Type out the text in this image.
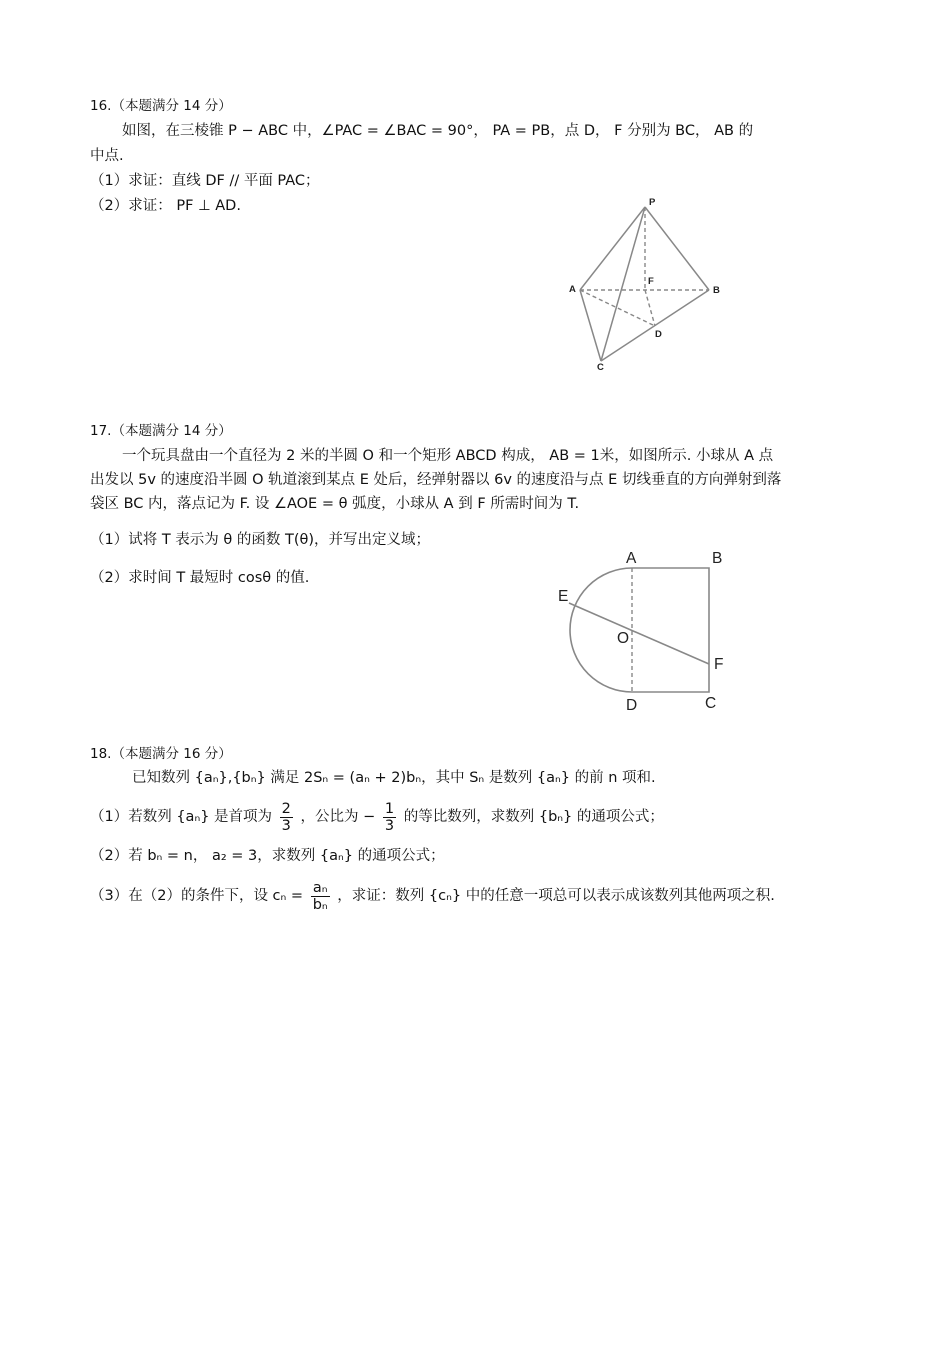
16.（本题满分 14 分）
如图，在三棱锥 P − ABC 中，∠PAC = ∠BAC = 90°， PA = PB，点 D， F 分别为 BC， AB 的
中点.
（1）求证：直线 DF // 平面 PAC；
（2）求证： PF ⊥ AD.	P
A	B
F
D
C
17.（本题满分 14 分）
一个玩具盘由一个直径为 2 米的半圆 O 和一个矩形 ABCD 构成， AB = 1米，如图所示. 小球从 A 点
出发以 5v 的速度沿半圆 O 轨道滚到某点 E 处后，经弹射器以 6v 的速度沿与点 E 切线垂直的方向弹射到落
袋区 BC 内，落点记为 F. 设 ∠AOE = θ 弧度，小球从 A 到 F 所需时间为 T.
（1）试将 T 表示为 θ 的函数 T(θ)，并写出定义域；
（2）求时间 T 最短时 cosθ 的值.
A	B
E
O
F
D	C
18.（本题满分 16 分）
已知数列 {aₙ},{bₙ} 满足 2Sₙ = (aₙ + 2)bₙ，其中 Sₙ 是数列 {aₙ} 的前 n 项和.
（1）若数列 {aₙ} 是首项为 $\frac{2}{3}$ ，公比为 − $\frac{1}{3}$ 的等比数列，求数列 {bₙ} 的通项公式；
（2）若 bₙ = n， a₂ = 3，求数列 {aₙ} 的通项公式；
（3）在（2）的条件下，设 $c_n = \frac{\text{aₙ}}{\text{bₙ}}$ ，求证：数列 {cₙ} 中的任意一项总可以表示成该数列其他两项之积.
